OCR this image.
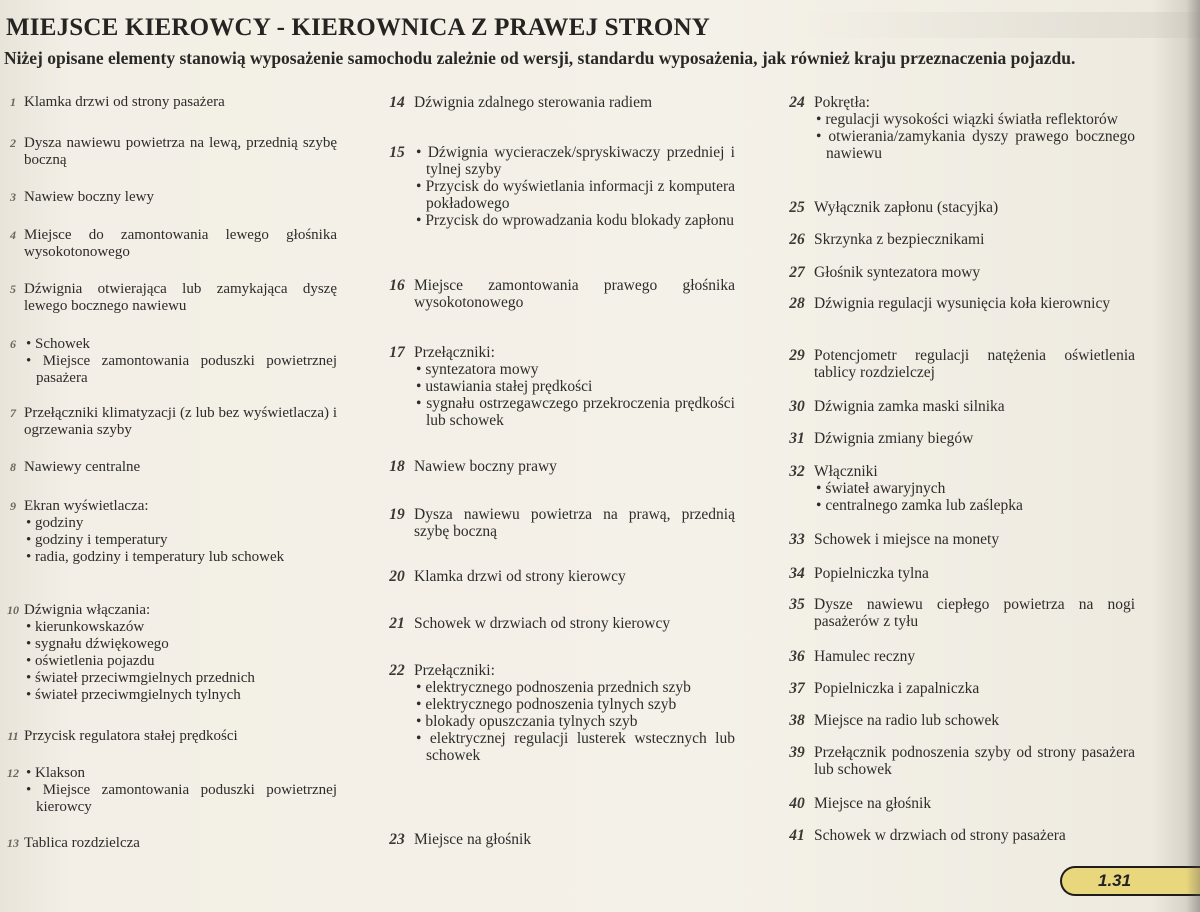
MIEJSCE KIEROWCY - KIEROWNICA Z PRAWEJ STRONY
Niżej opisane elementy stanowią wyposażenie samochodu zależnie od wersji, standardu wyposażenia, jak również kraju przeznaczenia pojazdu.
1 Klamka drzwi od strony pasażera
2 Dysza nawiewu powietrza na lewą, przednią szybę boczną
3 Nawiew boczny lewy
4 Miejsce do zamontowania lewego głośnika wysokotonowego
5 Dźwignia otwierająca lub zamykająca dyszę lewego bocznego nawiewu
6	• Schowek
• Miejsce zamontowania poduszki powietrznej pasażera
7 Przełączniki klimatyzacji (z lub bez wyświetlacza) i ogrzewania szyby
8 Nawiewy centralne
9 Ekran wyświetlacza:
• godziny
• godziny i temperatury
• radia, godziny i temperatury lub schowek
10 Dźwignia włączania:
• kierunkowskazów
• sygnału dźwiękowego
• oświetlenia pojazdu
• świateł przeciwmgielnych przednich
• świateł przeciwmgielnych tylnych
11 Przycisk regulatora stałej prędkości
12	• Klakson
• Miejsce zamontowania poduszki powietrznej kierowcy
13 Tablica rozdzielcza
14 Dźwignia zdalnego sterowania radiem
15	• Dźwignia wycieraczek/spryskiwaczy przedniej i tylnej szyby
• Przycisk do wyświetlania informacji z komputera pokładowego
• Przycisk do wprowadzania kodu blokady zapłonu
16 Miejsce zamontowania prawego głośnika wysokotonowego
17 Przełączniki:
• syntezatora mowy
• ustawiania stałej prędkości
• sygnału ostrzegawczego przekroczenia prędkości lub schowek
18 Nawiew boczny prawy
19 Dysza nawiewu powietrza na prawą, przednią szybę boczną
20 Klamka drzwi od strony kierowcy
21 Schowek w drzwiach od strony kierowcy
22 Przełączniki:
• elektrycznego podnoszenia przednich szyb
• elektrycznego podnoszenia tylnych szyb
• blokady opuszczania tylnych szyb
• elektrycznej regulacji lusterek wstecznych lub schowek
23 Miejsce na głośnik
24 Pokrętła:
• regulacji wysokości wiązki światła reflektorów
• otwierania/zamykania dyszy prawego bocznego nawiewu
25 Wyłącznik zapłonu (stacyjka)
26 Skrzynka z bezpiecznikami
27 Głośnik syntezatora mowy
28 Dźwignia regulacji wysunięcia koła kierownicy
29 Potencjometr regulacji natężenia oświetlenia tablicy rozdzielczej
30 Dźwignia zamka maski silnika
31 Dźwignia zmiany biegów
32 Włączniki
• świateł awaryjnych
• centralnego zamka lub zaślepka
33 Schowek i miejsce na monety
34 Popielniczka tylna
35 Dysze nawiewu ciepłego powietrza na nogi pasażerów z tyłu
36 Hamulec reczny
37 Popielniczka i zapalniczka
38 Miejsce na radio lub schowek
39 Przełącznik podnoszenia szyby od strony pasażera lub schowek
40 Miejsce na głośnik
41 Schowek w drzwiach od strony pasażera
1.31
